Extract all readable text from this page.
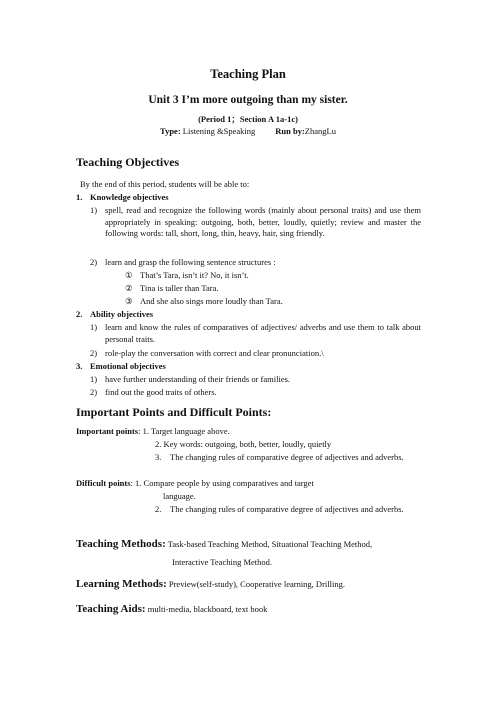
Teaching Plan
Unit 3 I’m more outgoing than my sister.
(Period 1；Section A 1a-1c)
Type: Listening &Speaking Run by:ZhangLu
Teaching Objectives
By the end of this period, students will be able to:
1. Knowledge objectives
1) spell, read and recognize the following words (mainly about personal traits) and use them appropriately in speaking: outgoing, both, better, loudly, quietly; review and master the following words: tall, short, long, thin, heavy, hair, sing friendly.
2) learn and grasp the following sentence structures :
① That’s Tara, isn’t it? No, it isn’t.
② Tina is taller than Tara.
③ And she also sings more loudly than Tara.
2. Ability objectives
1) learn and know the rules of comparatives of adjectives/ adverbs and use them to talk about personal traits.
2) role-play the conversation with correct and clear pronunciation.\
3. Emotional objectives
1) have further understanding of their friends or families.
2) find out the good traits of others.
Important Points and Difficult Points:
Important points: 1. Target language above.
2. Key words: outgoing, both, better, loudly, quietly
3. The changing rules of comparative degree of adjectives and adverbs.
Difficult points: 1. Compare people by using comparatives and target
language.
2. The changing rules of comparative degree of adjectives and adverbs.
Teaching Methods: Task-based Teaching Method, Situational Teaching Method,
Interactive Teaching Method.
Learning Methods: Preview(self-study), Cooperative learning, Drilling.
Teaching Aids: multi-media, blackboard, text book
